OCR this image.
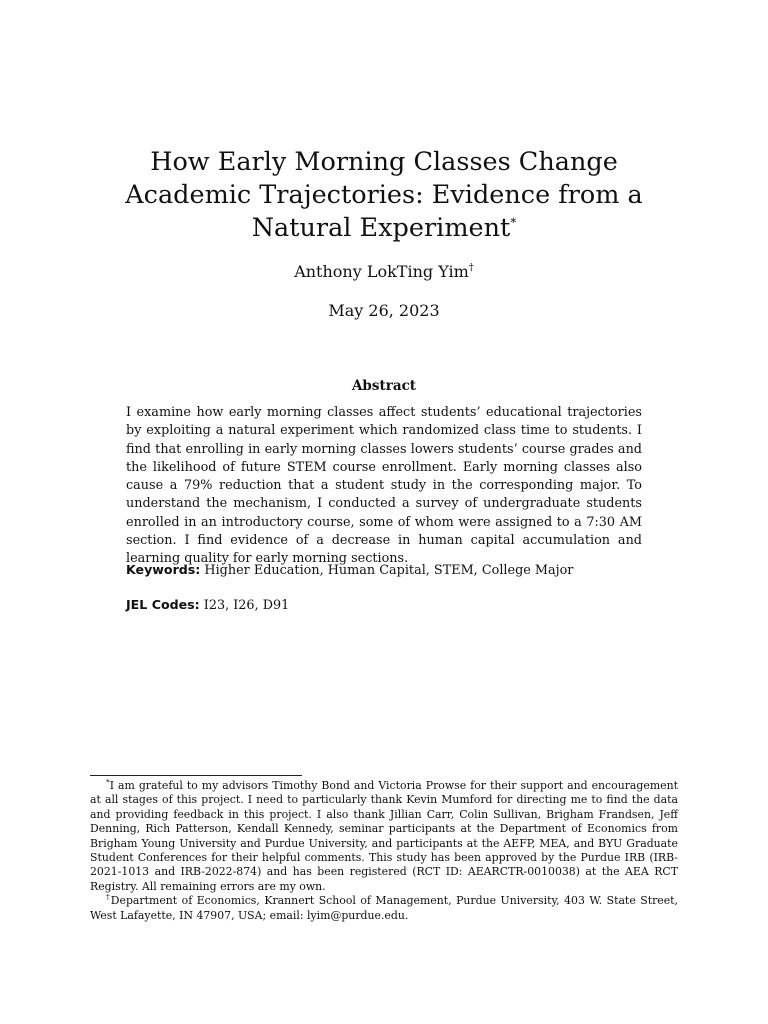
How Early Morning Classes Change Academic Trajectories: Evidence from a Natural Experiment*
Anthony LokTing Yim†
May 26, 2023
Abstract

I examine how early morning classes affect students’ educational trajectories by exploiting a natural experiment which randomized class time to students. I find that enrolling in early morning classes lowers students’ course grades and the likelihood of future STEM course enrollment. Early morning classes also cause a 79% reduction that a student study in the corresponding major. To understand the mechanism, I conducted a survey of undergraduate students enrolled in an introductory course, some of whom were assigned to a 7:30 AM section. I find evidence of a decrease in human capital accumulation and learning quality for early morning sections.

Keywords: Higher Education, Human Capital, STEM, College Major

JEL Codes: I23, I26, D91

*I am grateful to my advisors Timothy Bond and Victoria Prowse for their support and encouragement at all stages of this project. I need to particularly thank Kevin Mumford for directing me to find the data and providing feedback in this project. I also thank Jillian Carr, Colin Sullivan, Brigham Frandsen, Jeff Denning, Rich Patterson, Kendall Kennedy, seminar participants at the Department of Economics from Brigham Young University and Purdue University, and participants at the AEFP, MEA, and BYU Graduate Student Conferences for their helpful comments. This study has been approved by the Purdue IRB (IRB-2021-1013 and IRB-2022-874) and has been registered (RCT ID: AEARCTR-0010038) at the AEA RCT Registry. All remaining errors are my own.

†Department of Economics, Krannert School of Management, Purdue University, 403 W. State Street, West Lafayette, IN 47907, USA; email: lyim@purdue.edu.
